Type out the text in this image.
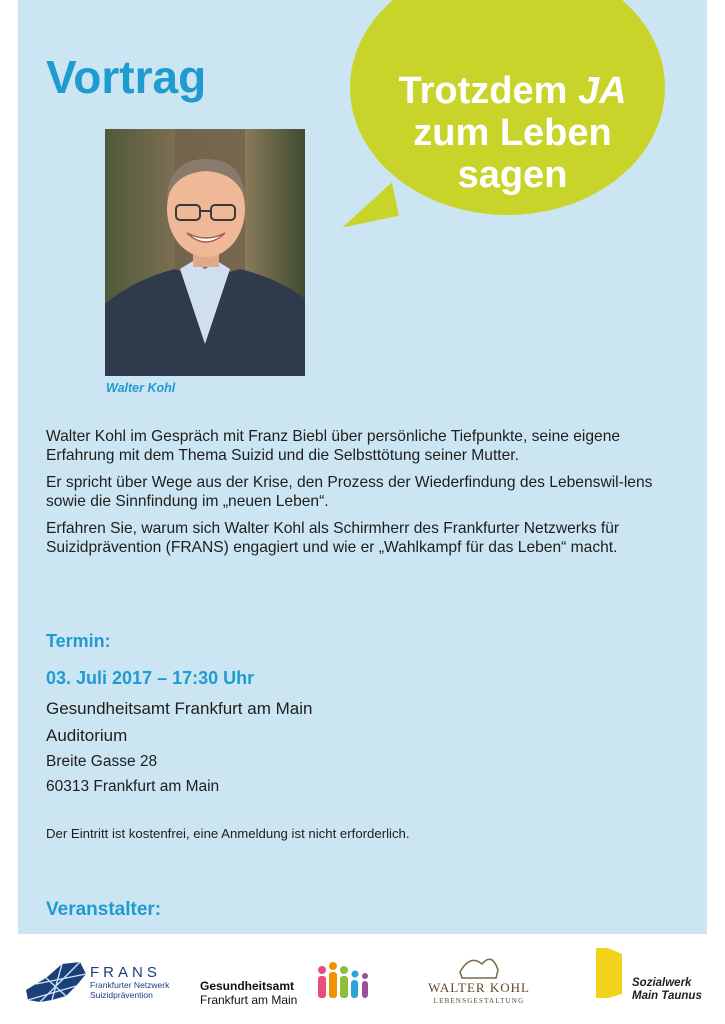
Trotzdem JA
zum Leben
sagen
Vortrag
Walter Kohl

Walter Kohl im Gespräch mit Franz Biebl über persönliche Tiefpunkte, seine eigene Erfahrung mit dem Thema Suizid und die Selbsttötung seiner Mutter.

Er spricht über Wege aus der Krise, den Prozess der Wiederfindung des Lebenswil-lens sowie die Sinnfindung im „neuen Leben“.

Erfahren Sie, warum sich Walter Kohl als Schirmherr des Frankfurter Netzwerks für Suizidprävention (FRANS) engagiert und wie er „Wahlkampf für das Leben“ macht.

Termin:
03. Juli 2017 – 17:30 Uhr
Gesundheitsamt Frankfurt am Main
Auditorium
Breite Gasse 28
60313 Frankfurt am Main
Der Eintritt ist kostenfrei, eine Anmeldung ist nicht erforderlich.
Veranstalter:
FRANS
Frankfurter Netzwerk
Suizidprävention
Gesundheitsamt
Frankfurt am Main
WALTER KOHL
LEBENSGESTALTUNG
Sozialwerk
Main Taunus
